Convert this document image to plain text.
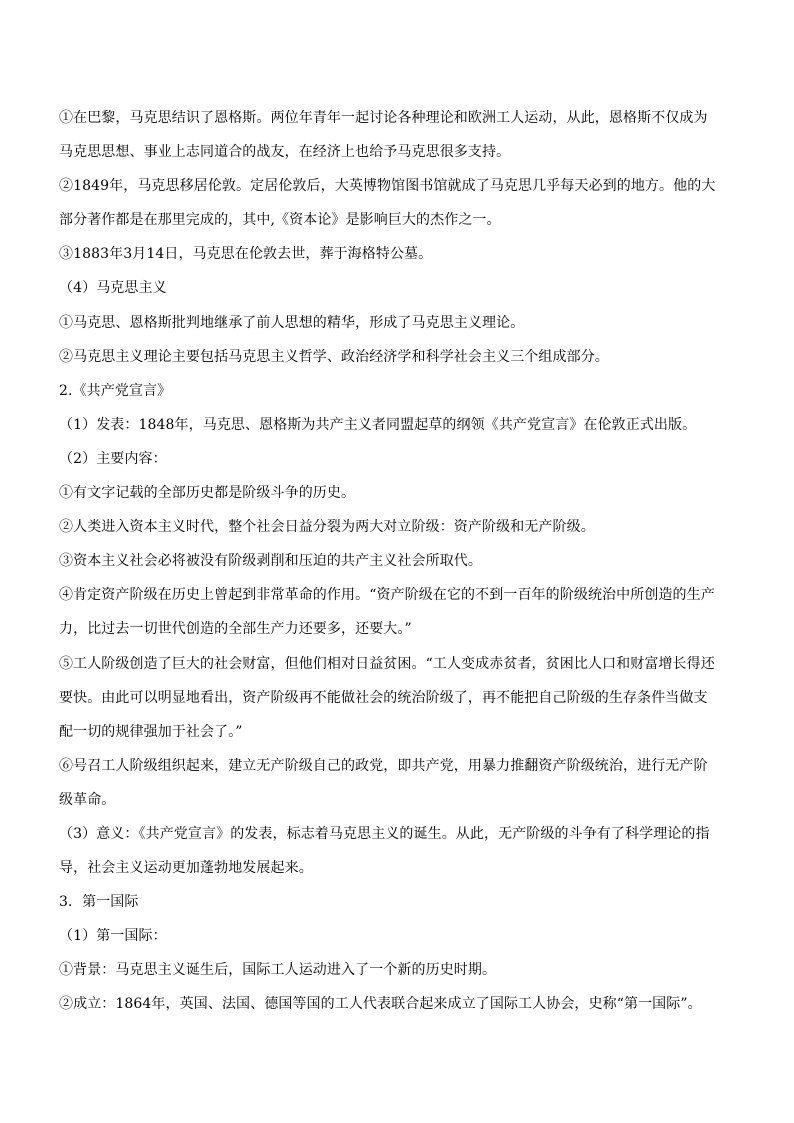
①在巴黎，马克思结识了恩格斯。两位年青年一起讨论各种理论和欧洲工人运动，从此，恩格斯不仅成为
马克思思想、事业上志同道合的战友，在经济上也给予马克思很多支持。
②1849年，马克思移居伦敦。定居伦敦后，大英博物馆图书馆就成了马克思几乎每天必到的地方。他的大
部分著作都是在那里完成的，其中,《资本论》是影响巨大的杰作之一。
③1883年3月14日，马克思在伦敦去世，葬于海格特公墓。
（4）马克思主义
①马克思、恩格斯批判地继承了前人思想的精华，形成了马克思主义理论。
②马克思主义理论主要包括马克思主义哲学、政治经济学和科学社会主义三个组成部分。
2.《共产党宣言》
（1）发表：1848年，马克思、恩格斯为共产主义者同盟起草的纲领《共产党宣言》在伦敦正式出版。
（2）主要内容：
①有文字记载的全部历史都是阶级斗争的历史。
②人类进入资本主义时代，整个社会日益分裂为两大对立阶级：资产阶级和无产阶级。
③资本主义社会必将被没有阶级剥削和压迫的共产主义社会所取代。
④肯定资产阶级在历史上曾起到非常革命的作用。“资产阶级在它的不到一百年的阶级统治中所创造的生产
力，比过去一切世代创造的全部生产力还要多，还要大。”
⑤工人阶级创造了巨大的社会财富，但他们相对日益贫困。“工人变成赤贫者，贫困比人口和财富增长得还
要快。由此可以明显地看出，资产阶级再不能做社会的统治阶级了，再不能把自己阶级的生存条件当做支
配一切的规律强加于社会了。”
⑥号召工人阶级组织起来，建立无产阶级自己的政党，即共产党，用暴力推翻资产阶级统治，进行无产阶
级革命。
（3）意义：《共产党宣言》的发表，标志着马克思主义的诞生。从此，无产阶级的斗争有了科学理论的指
导，社会主义运动更加蓬勃地发展起来。
3．第一国际
（1）第一国际：
①背景：马克思主义诞生后，国际工人运动进入了一个新的历史时期。
②成立：1864年，英国、法国、德国等国的工人代表联合起来成立了国际工人协会，史称“第一国际”。
